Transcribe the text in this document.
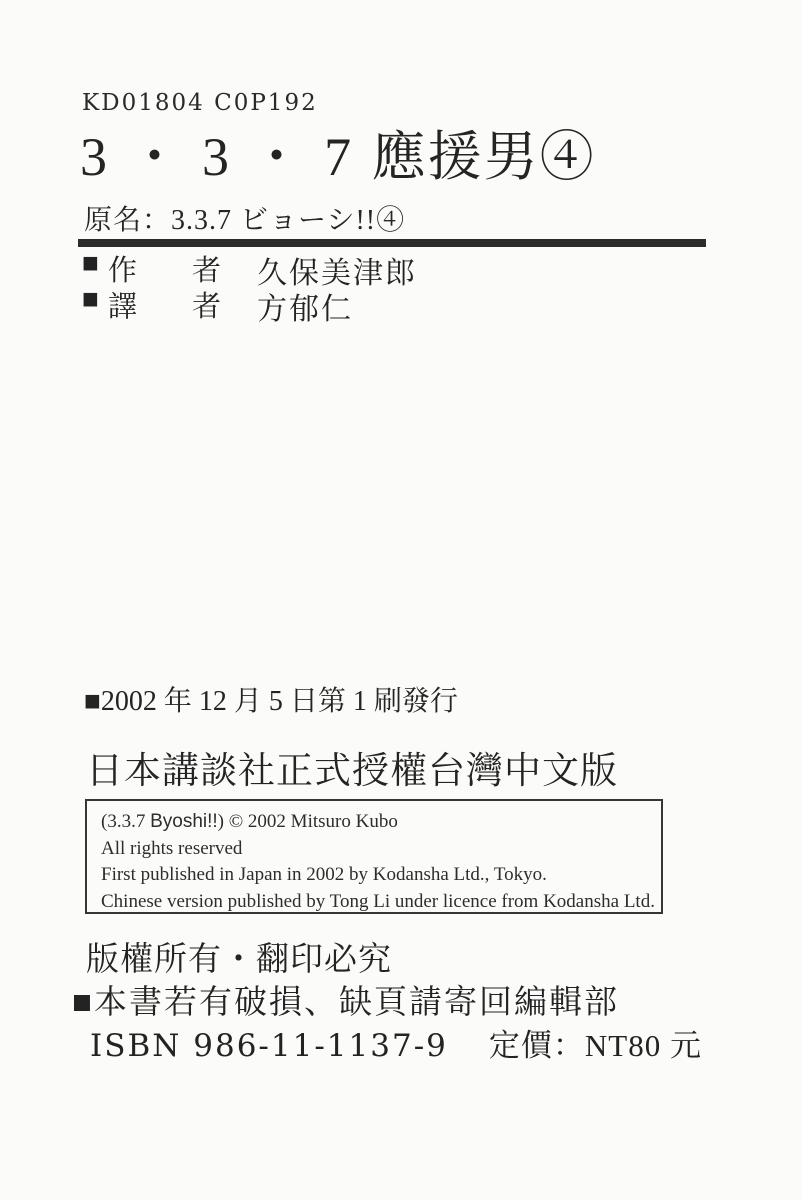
KD01804 C0P192
3・3・7應援男④
原名：3.3.7 ビョーシ!!④
■ 作 者 久保美津郎
■ 譯 者 方郁仁
■2002 年 12 月 5 日第 1 刷發行
日本講談社正式授權台灣中文版
(3.3.7 Byoshi!!) © 2002 Mitsuro Kubo
All rights reserved
First published in Japan in 2002 by Kodansha Ltd., Tokyo.
Chinese version published by Tong Li under licence from Kodansha Ltd.
版權所有・翻印必究
■本書若有破損、缺頁請寄回編輯部
ISBN 986-11-1137-9 定價：NT80 元
